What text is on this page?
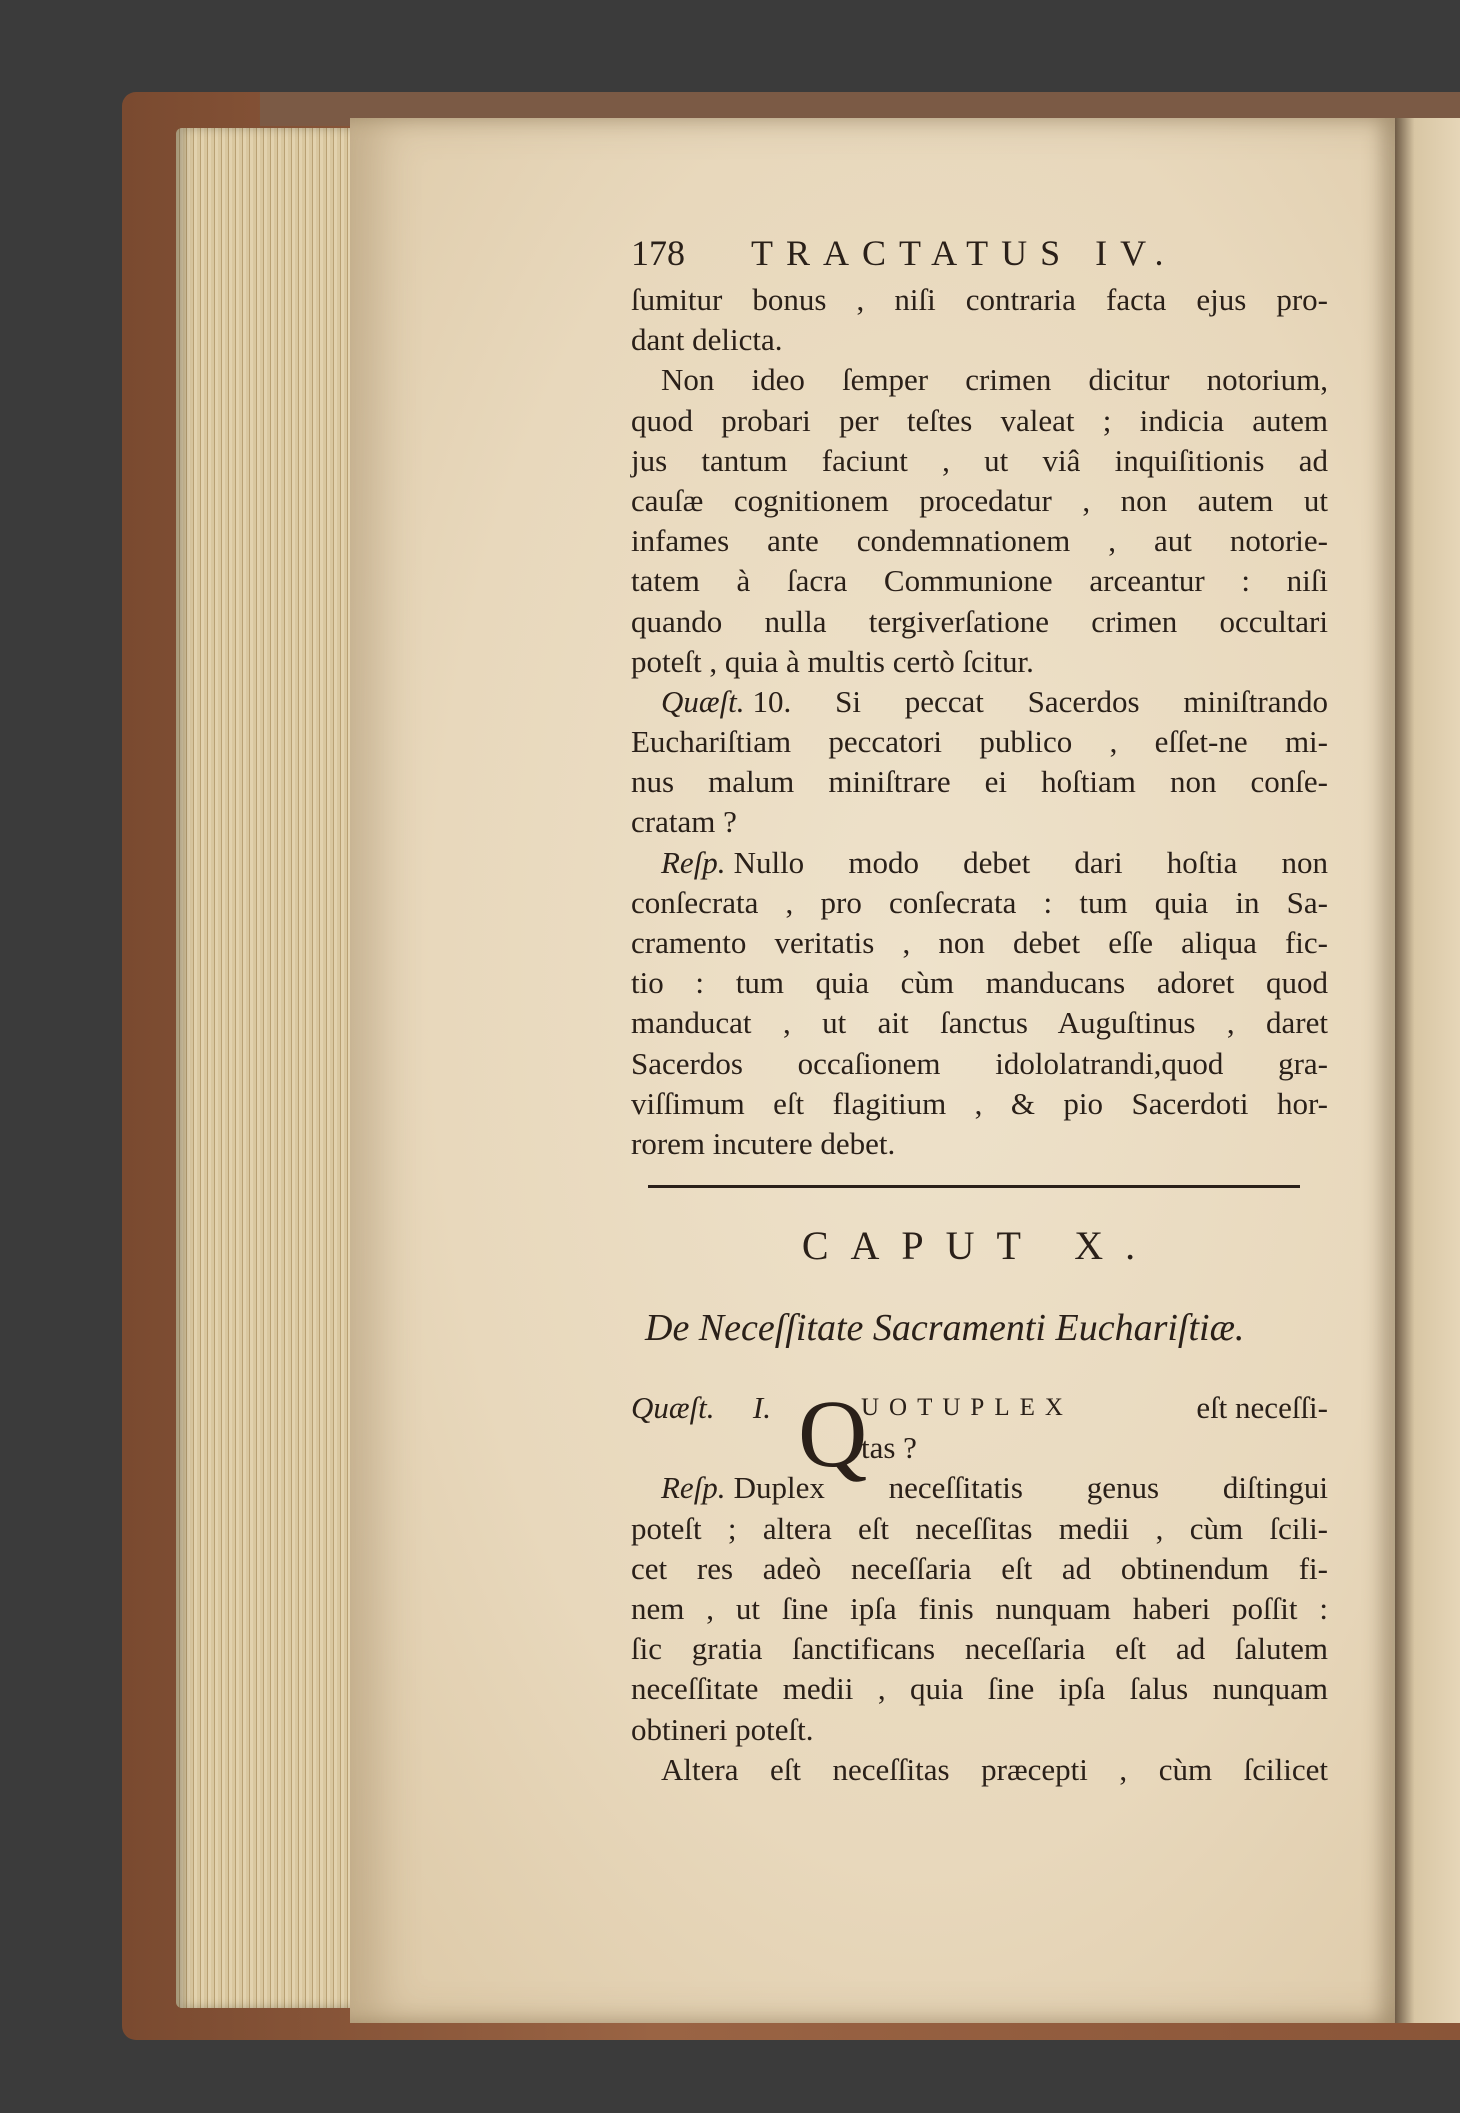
178	TRACTATUS IV.
ſumitur bonus , niſi contraria facta ejus pro-
dant delicta.
Non ideo ſemper crimen dicitur notorium,
quod probari per teſtes valeat ; indicia autem
jus tantum faciunt , ut viâ inquiſitionis ad
cauſæ cognitionem procedatur , non autem ut
infames ante condemnationem , aut notorie-
tatem à ſacra Communione arceantur : niſi
quando nulla tergiverſatione crimen occultari
poteſt , quia à multis certò ſcitur.
Quæſt. 10. Si peccat Sacerdos miniſtrando
Euchariſtiam peccatori publico , eſſet-ne mi-
nus malum miniſtrare ei hoſtiam non conſe-
cratam ?
Reſp. Nullo modo debet dari hoſtia non
conſecrata , pro conſecrata : tum quia in Sa-
cramento veritatis , non debet eſſe aliqua fic-
tio : tum quia cùm manducans adoret quod
manducat , ut ait ſanctus Auguſtinus , daret
Sacerdos occaſionem idololatrandi,quod gra-
viſſimum eſt flagitium , & pio Sacerdoti hor-
rorem incutere debet.
CAPUT X.
De Neceſſitate Sacramenti Euchariſtiæ.
Q
Quæſt. I.	UOTUPLEX	eſt neceſſi-
tas ?
Reſp. Duplex neceſſitatis genus diſtingui
poteſt ; altera eſt neceſſitas medii , cùm ſcili-
cet res adeò neceſſaria eſt ad obtinendum fi-
nem , ut ſine ipſa finis nunquam haberi poſſit :
ſic gratia ſanctificans neceſſaria eſt ad ſalutem
neceſſitate medii , quia ſine ipſa ſalus nunquam
obtineri poteſt.
Altera eſt neceſſitas præcepti , cùm ſcilicet
